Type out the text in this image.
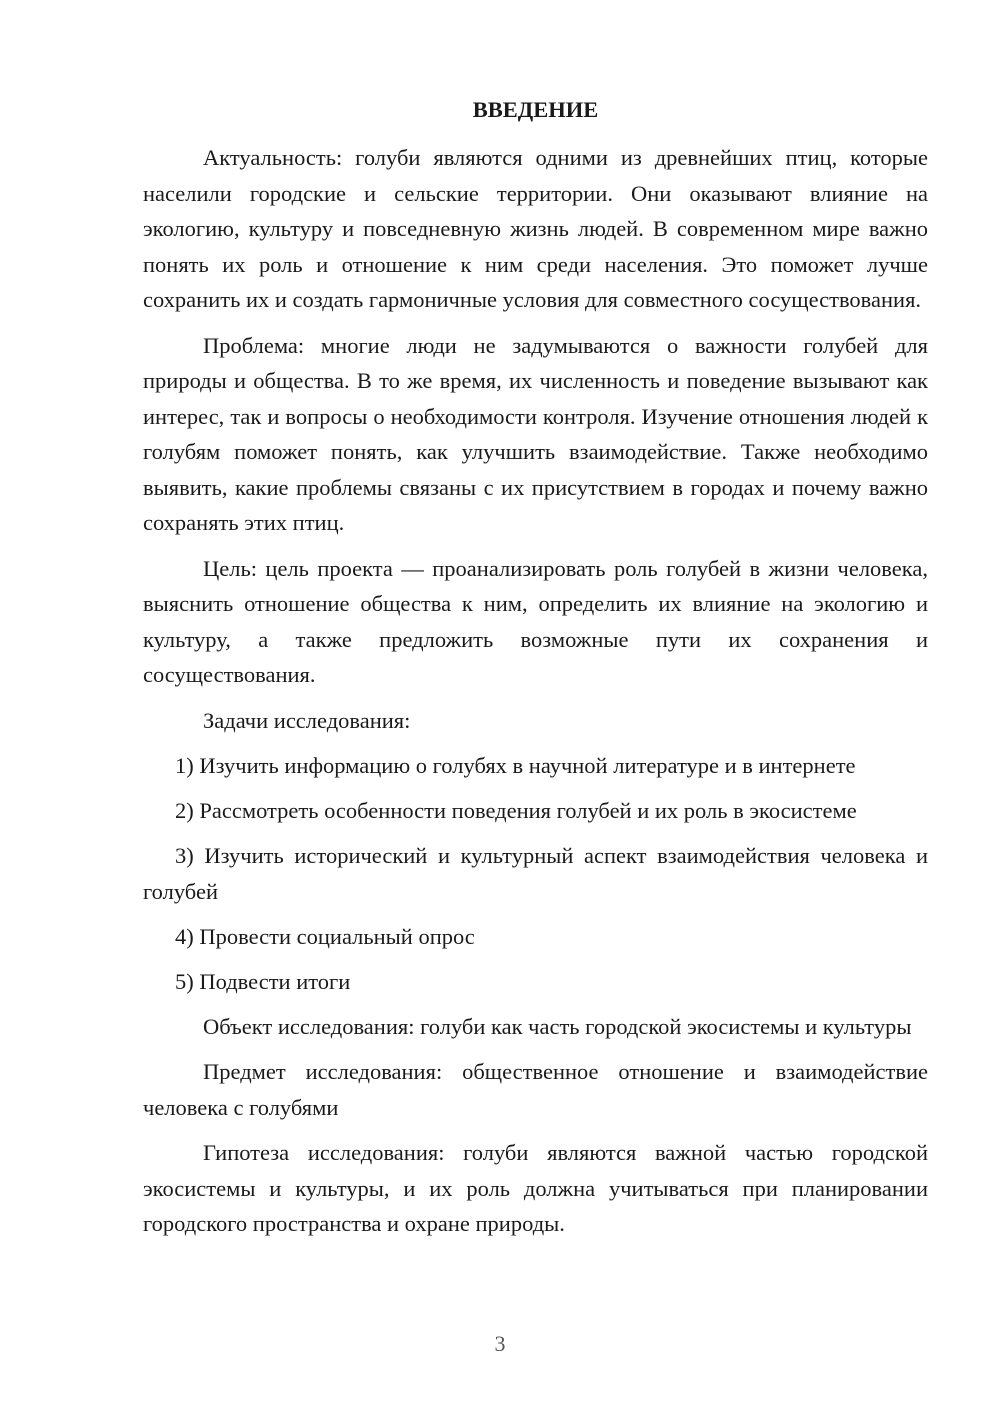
ВВЕДЕНИЕ

Актуальность: голуби являются одними из древнейших птиц, которые населили городские и сельские территории. Они оказывают влияние на экологию, культуру и повседневную жизнь людей. В современном мире важно понять их роль и отношение к ним среди населения. Это поможет лучше сохранить их и создать гармоничные условия для совместного сосуществования.

Проблема: многие люди не задумываются о важности голубей для природы и общества. В то же время, их численность и поведение вызывают как интерес, так и вопросы о необходимости контроля. Изучение отношения людей к голубям поможет понять, как улучшить взаимодействие. Также необходимо выявить, какие проблемы связаны с их присутствием в городах и почему важно сохранять этих птиц.

Цель: цель проекта — проанализировать роль голубей в жизни человека, выяснить отношение общества к ним, определить их влияние на экологию и культуру, а также предложить возможные пути их сохранения и сосуществования.

Задачи исследования:

1) Изучить информацию о голубях в научной литературе и в интернете

2) Рассмотреть особенности поведения голубей и их роль в экосистеме

3) Изучить исторический и культурный аспект взаимодействия человека и голубей

4) Провести социальный опрос

5) Подвести итоги

Объект исследования: голуби как часть городской экосистемы и культуры

Предмет исследования: общественное отношение и взаимодействие человека с голубями

Гипотеза исследования: голуби являются важной частью городской экосистемы и культуры, и их роль должна учитываться при планировании городского пространства и охране природы.

3
